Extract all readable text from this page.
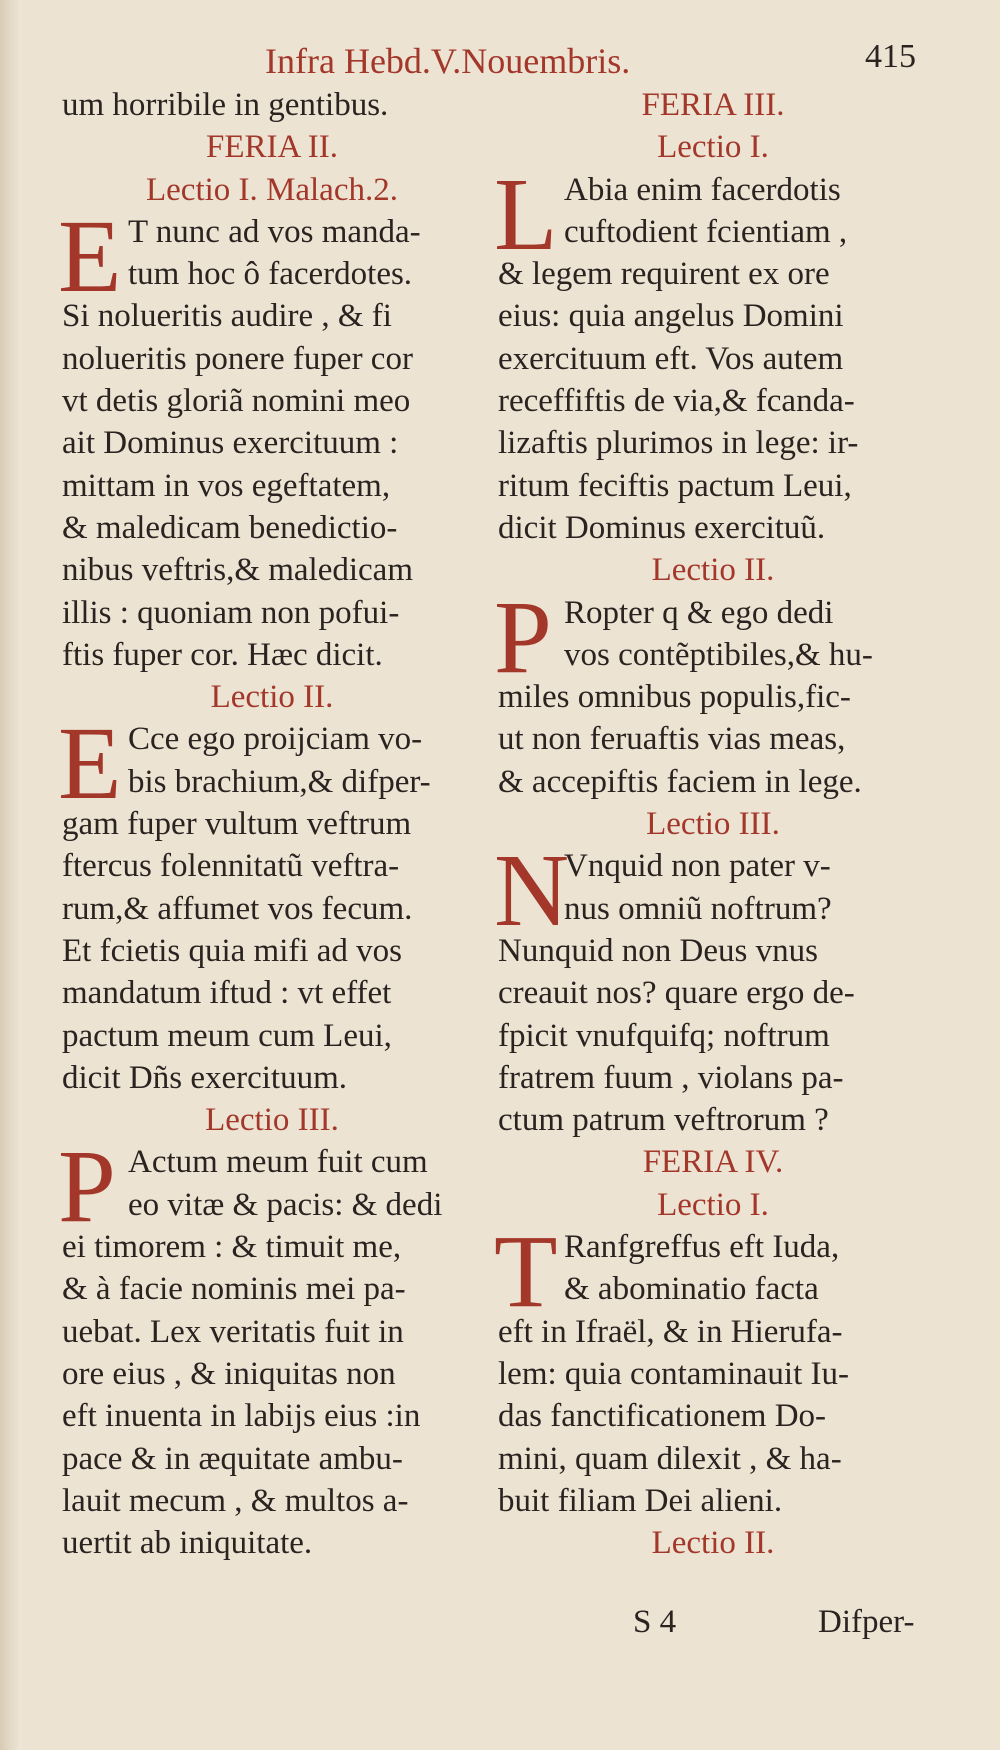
Infra Hebd.V.Nouembris.	415
um horribile in gentibus.
FERIA II.
Lectio I. Malach.2.
E T nunc ad vos manda-
tum hoc ô facerdotes.
Si nolueritis audire , & fi
nolueritis ponere fuper cor
vt detis gloriã nomini meo
ait Dominus exercituum :
mittam in vos egeftatem,
& maledicam benedictio-
nibus veftris,& maledicam
illis : quoniam non pofui-
ftis fuper cor. Hæc dicit.
Lectio II.
E Cce ego proijciam vo-
bis brachium,& difper-
gam fuper vultum veftrum
ftercus folennitatũ veftra-
rum,& affumet vos fecum.
Et fcietis quia mifi ad vos
mandatum iftud : vt effet
pactum meum cum Leui,
dicit Dñs exercituum.
Lectio III.
P Actum meum fuit cum
eo vitæ & pacis: & dedi
ei timorem : & timuit me,
& à facie nominis mei pa-
uebat. Lex veritatis fuit in
ore eius , & iniquitas non
eft inuenta in labijs eius :in
pace & in æquitate ambu-
lauit mecum , & multos a-
uertit ab iniquitate.
FERIA III.
Lectio I.
L Abia enim facerdotis
cuftodient fcientiam ,
& legem requirent ex ore
eius: quia angelus Domini
exercituum eft. Vos autem
receffiftis de via,& fcanda-
lizaftis plurimos in lege: ir-
ritum feciftis pactum Leui,
dicit Dominus exercituũ.
Lectio II.
P Ropter q & ego dedi
vos contẽptibiles,& hu-
miles omnibus populis,fic-
ut non feruaftis vias meas,
& accepiftis faciem in lege.
Lectio III.
N
Vnquid non pater v-
nus omniũ noftrum?
Nunquid non Deus vnus
creauit nos? quare ergo de-
fpicit vnufquifq; noftrum
fratrem fuum , violans pa-
ctum patrum veftrorum ?
FERIA IV.
Lectio I.
T Ranfgreffus eft Iuda,
& abominatio facta
eft in Ifraël, & in Hierufa-
lem: quia contaminauit Iu-
das fanctificationem Do-
mini, quam dilexit , & ha-
buit filiam Dei alieni.
Lectio II.
S 4	Difper-
